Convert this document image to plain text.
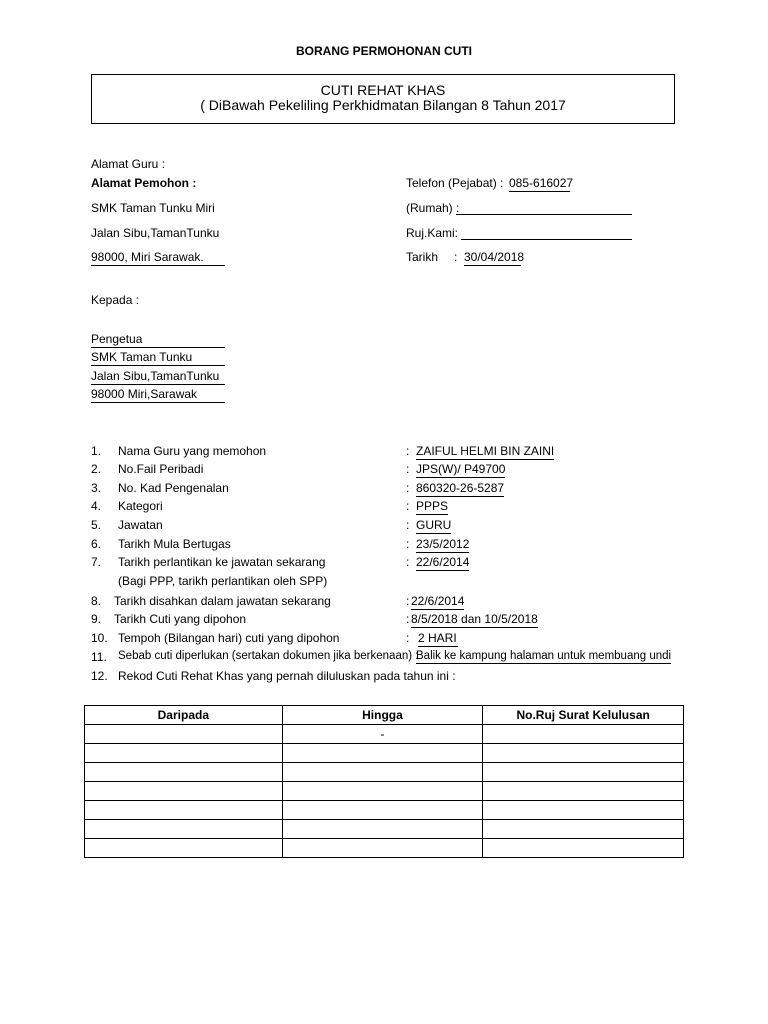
BORANG PERMOHONAN CUTI
CUTI REHAT KHAS
( DiBawah Pekeliling Perkhidmatan Bilangan 8 Tahun 2017
Alamat Guru :
Alamat Pemohon :
SMK Taman Tunku Miri
Jalan Sibu,TamanTunku
98000, Miri Sarawak.
Telefon (Pejabat) : 085-616027
(Rumah) :
Ruj.Kami:
Tarikh : 30/04/2018
Kepada :
Pengetua
SMK Taman Tunku
Jalan Sibu,TamanTunku
98000 Miri,Sarawak
1. Nama Guru yang memohon	: ZAIFUL HELMI BIN ZAINI
2. No.Fail Peribadi	: JPS(W)/ P49700
3. No. Kad Pengenalan	: 860320-26-5287
4. Kategori	: PPPS
5. Jawatan	: GURU
6. Tarikh Mula Bertugas	: 23/5/2012
7. Tarikh perlantikan ke jawatan sekarang	: 22/6/2014
(Bagi PPP, tarikh perlantikan oleh SPP)
8. Tarikh disahkan dalam jawatan sekarang	: 22/6/2014
9. Tarikh Cuti yang dipohon	: 8/5/2018 dan 10/5/2018
10. Tempoh (Bilangan hari) cuti yang dipohon	: 2 HARI
11. Sebab cuti diperlukan (sertakan dokumen jika berkenaan) :
Balik ke kampung halaman untuk membuang undi
12. Rekod Cuti Rehat Khas yang pernah diluluskan pada tahun ini :
Daripada	Hingga	No.Ruj Surat Kelulusan
	-	
